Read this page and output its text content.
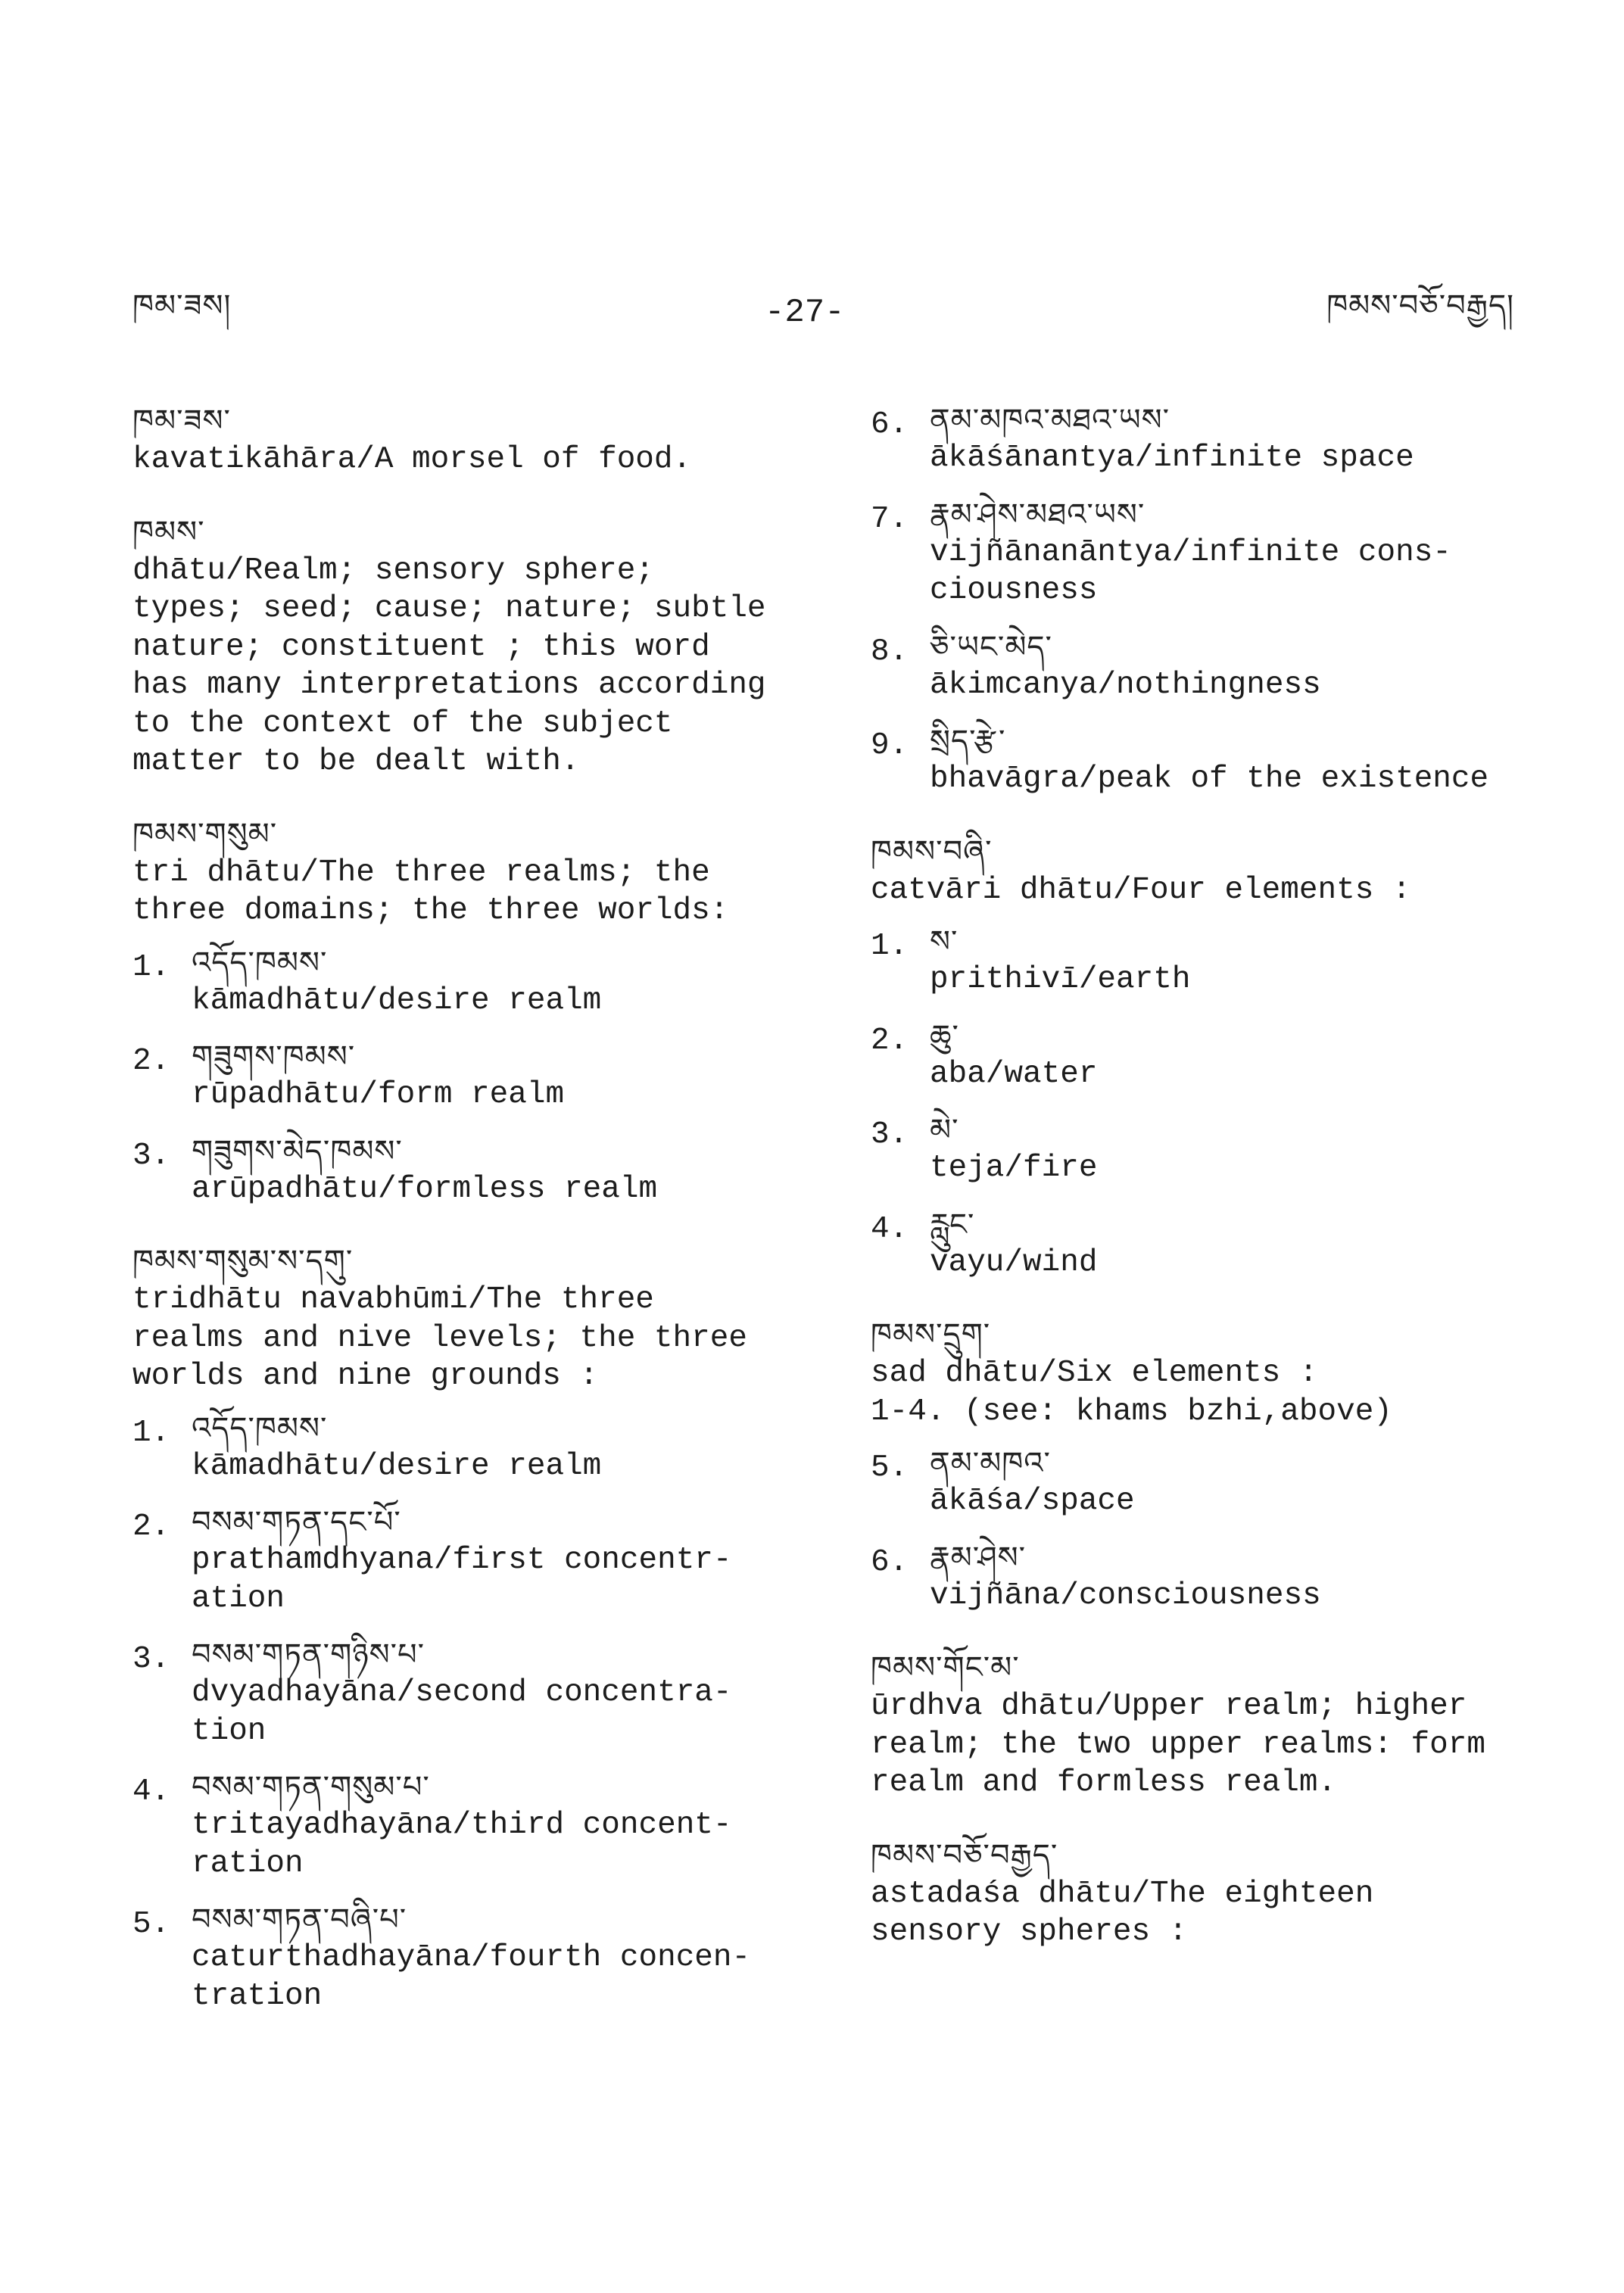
ཁམ་ཟས།	-27-	ཁམས་བཅོ་བརྒྱད།
ཁམ་ཟས་

kavatikāhāra/A morsel of food.

ཁམས་

dhātu/Realm; sensory sphere;
types; seed; cause; nature; subtle
nature; constituent ; this word
has many interpretations according
to the context of the subject
matter to be dealt with.

ཁམས་གསུམ་

tri dhātu/The three realms; the
three domains; the three worlds:

1. འདོད་ཁམས་

kāmadhātu/desire realm

2. གཟུགས་ཁམས་

rūpadhātu/form realm

3. གཟུགས་མེད་ཁམས་

arūpadhātu/formless realm

ཁམས་གསུམ་ས་དགུ་

tridhātu navabhūmi/The three
realms and nive levels; the three
worlds and nine grounds :

1. འདོད་ཁམས་

kāmadhātu/desire realm

2. བསམ་གཏན་དང་པོ་

prathamdhyana/first concentr-
ation

3. བསམ་གཏན་གཉིས་པ་

dvyadhayāna/second concentra-
tion

4. བསམ་གཏན་གསུམ་པ་

tritayadhayāna/third concent-
ration

5. བསམ་གཏན་བཞི་པ་

caturthadhayāna/fourth concen-
tration

6. ནམ་མཁའ་མཐའ་ཡས་

ākāśānantya/infinite space

7. རྣམ་ཤེས་མཐའ་ཡས་

vijñānanāntya/infinite cons-
ciousness

8. ཅི་ཡང་མེད་

ākimcanya/nothingness

9. སྲིད་རྩེ་

bhavāgra/peak of the existence

ཁམས་བཞི་

catvāri dhātu/Four elements :

1. ས་

prithivī/earth

2. ཆུ་

aba/water

3. མེ་

teja/fire

4. རླུང་

vayu/wind

ཁམས་དྲུག་

sad dhātu/Six elements :
1-4. (see: khams bzhi,above)

5. ནམ་མཁའ་

ākāśa/space

6. རྣམ་ཤེས་

vijñāna/consciousness

ཁམས་གོང་མ་

ūrdhva dhātu/Upper realm; higher
realm; the two upper realms: form
realm and formless realm.

ཁམས་བཅོ་བརྒྱད་

astadaśa dhātu/The eighteen
sensory spheres :
